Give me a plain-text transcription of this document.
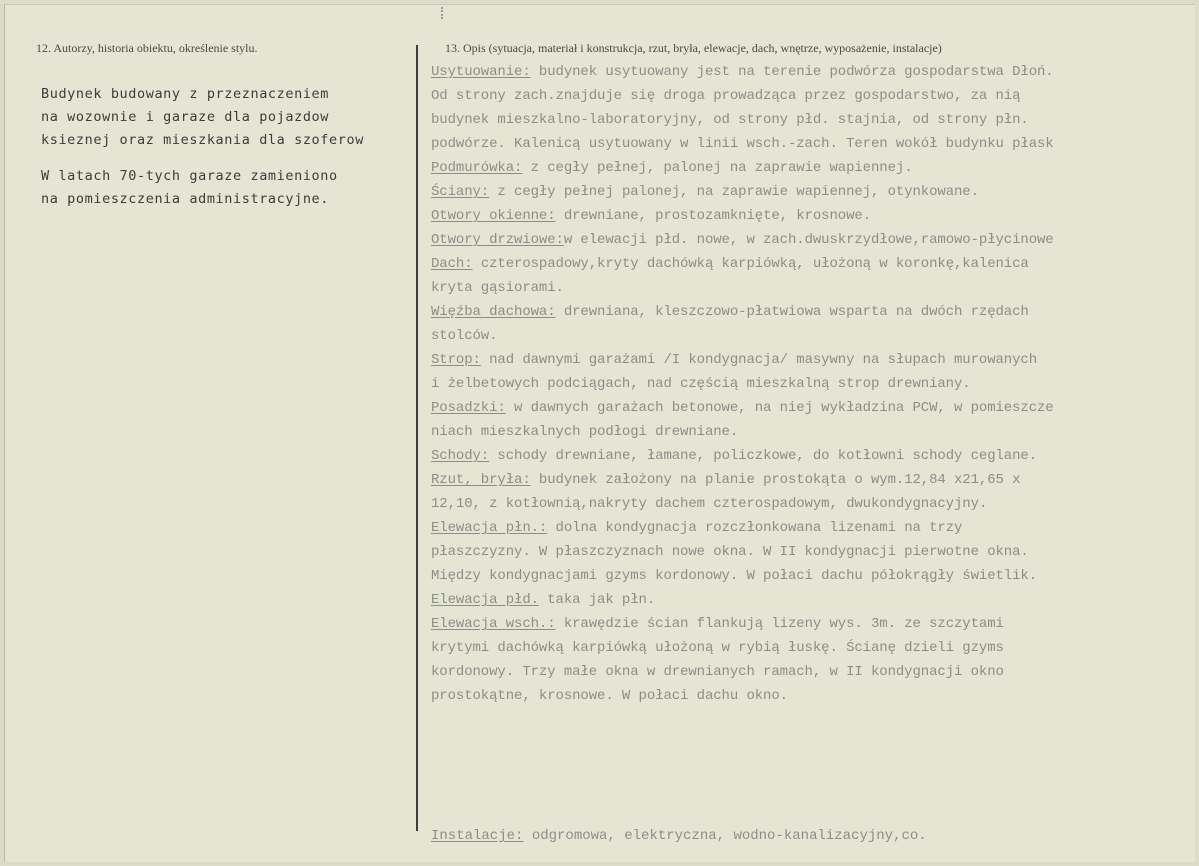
12. Autorzy, historia obiektu, określenie stylu.	13. Opis (sytuacja, materiał i konstrukcja, rzut, bryła, elewacje, dach, wnętrze, wyposażenie, instalacje)
Budynek budowany z przeznaczeniem
na wozownie i garaze dla pojazdow
ksieznej oraz mieszkania dla szoferow
W latach 70-tych garaze zamieniono
na pomieszczenia administracyjne.
Usytuowanie: budynek usytuowany jest na terenie podwórza gospodarstwa Dłoń.
Od strony zach.znajduje się droga prowadząca przez gospodarstwo, za nią
budynek mieszkalno-laboratoryjny, od strony płd. stajnia, od strony płn.
podwórze. Kalenicą usytuowany w linii wsch.-zach. Teren wokół budynku płask
Podmurówka: z cegły pełnej, palonej na zaprawie wapiennej.
Ściany: z cegły pełnej palonej, na zaprawie wapiennej, otynkowane.
Otwory okienne: drewniane, prostozamknięte, krosnowe.
Otwory drzwiowe:w elewacji płd. nowe, w zach.dwuskrzydłowe,ramowo-płycinowe
Dach: czterospadowy,kryty dachówką karpiówką, ułożoną w koronkę,kalenica
kryta gąsiorami.
Więźba dachowa: drewniana, kleszczowo-płatwiowa wsparta na dwóch rzędach
stolców.
Strop: nad dawnymi garażami /I kondygnacja/ masywny na słupach murowanych
i żelbetowych podciągach, nad częścią mieszkalną strop drewniany.
Posadzki: w dawnych garażach betonowe, na niej wykładzina PCW, w pomieszcze
niach mieszkalnych podłogi drewniane.
Schody: schody drewniane, łamane, policzkowe, do kotłowni schody ceglane.
Rzut, bryła: budynek założony na planie prostokąta o wym.12,84 x21,65 x
12,10, z kotłownią,nakryty dachem czterospadowym, dwukondygnacyjny.
Elewacja płn.: dolna kondygnacja rozczłonkowana lizenami na trzy
płaszczyzny. W płaszczyznach nowe okna. W II kondygnacji pierwotne okna.
Między kondygnacjami gzyms kordonowy. W połaci dachu półokrągły świetlik.
Elewacja płd. taka jak płn.
Elewacja wsch.: krawędzie ścian flankują lizeny wys. 3m. ze szczytami
krytymi dachówką karpiówką ułożoną w rybią łuskę. Ścianę dzieli gzyms
kordonowy. Trzy małe okna w drewnianych ramach, w II kondygnacji okno
prostokątne, krosnowe. W połaci dachu okno.
Instalacje: odgromowa, elektryczna, wodno-kanalizacyjny,co.
